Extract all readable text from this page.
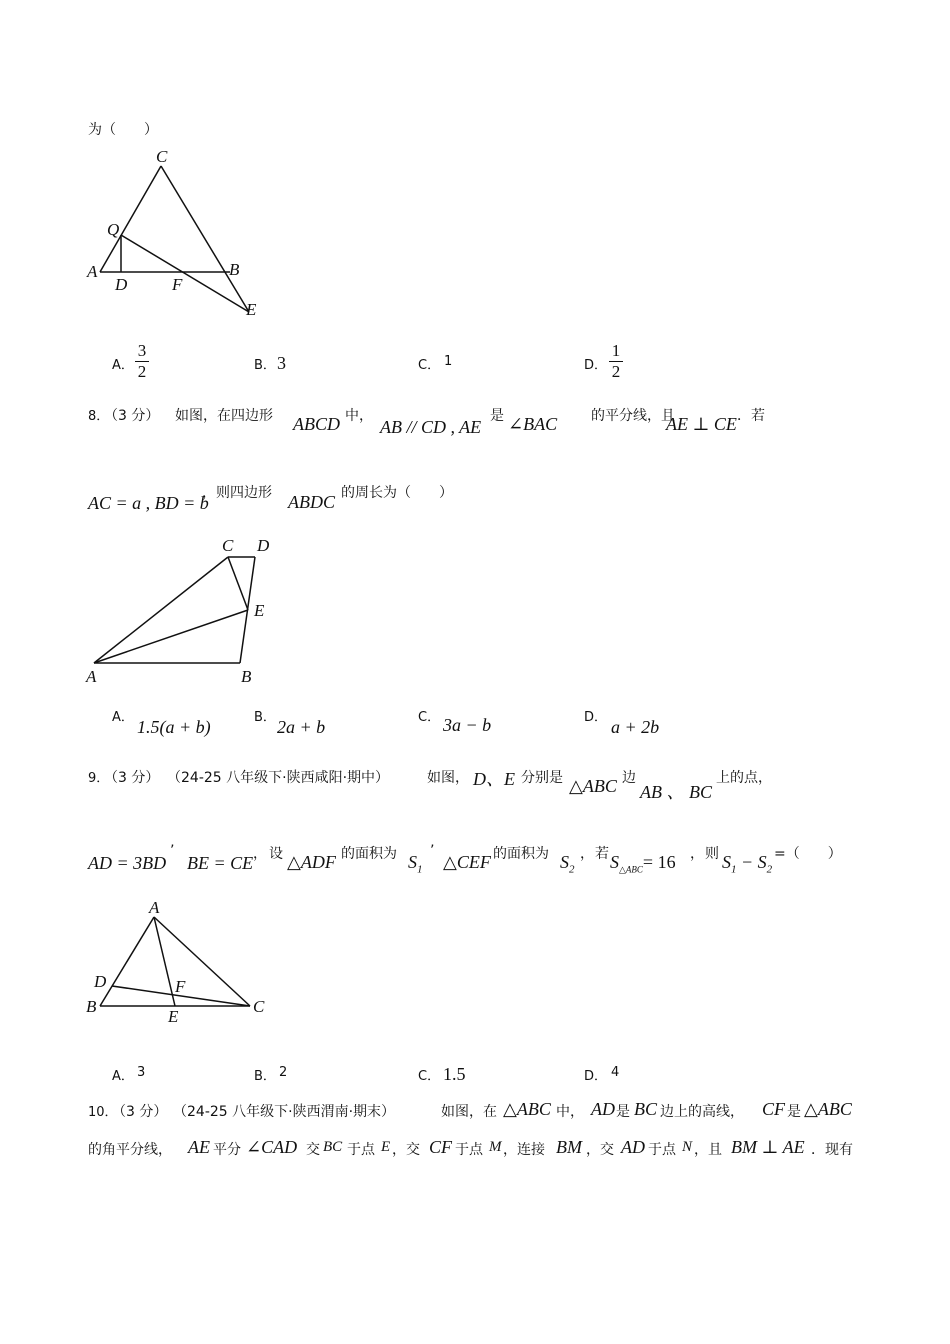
为（　　）
C
Q
A	B
D	F
E
A．
3
2	B． 3	C． 1	D．
1
2
8．
（3 分） 如图，在四边形 ABCD 中，
AB // CD , AE
是 ∠BAC 的平分线，且
AE ⊥ CE ．若
AC = a , BD = b
，则四边形 ABDC 的周长为（　　）
C D
E
A	B
A． 1.5(a + b)	B． 2a + b	C． 3a − b	D． a + 2b
9．
（3 分） （24-25 八年级下·陕西咸阳·期中）	如图， D、E 分别是 △ABC 边
AB 、 BC
上的点，
AD = 3BD
’
BE = CE ， 设 △ADF 的面积为 $S_1$
’
△CEF 的面积为 $S_2$
， 若 $S_{\triangle ABC}= 16$ ， 则 $S_1 - S_2$
=（　　）
A
D	F
B
E
C
A． 3	B． 2	C． 1.5	D． 4
10．
（3 分） （24-25 八年级下·陕西渭南·期末）	如图，在 △ABC 中， AD 是 BC 边上的高线， CF 是 △ABC
的角平分线， AE 平分 ∠CAD 交 BC 于点 E ，交 CF 于点 M ，连接 BM ，交 AD 于点 N ，且 BM ⊥ AE ．现有
